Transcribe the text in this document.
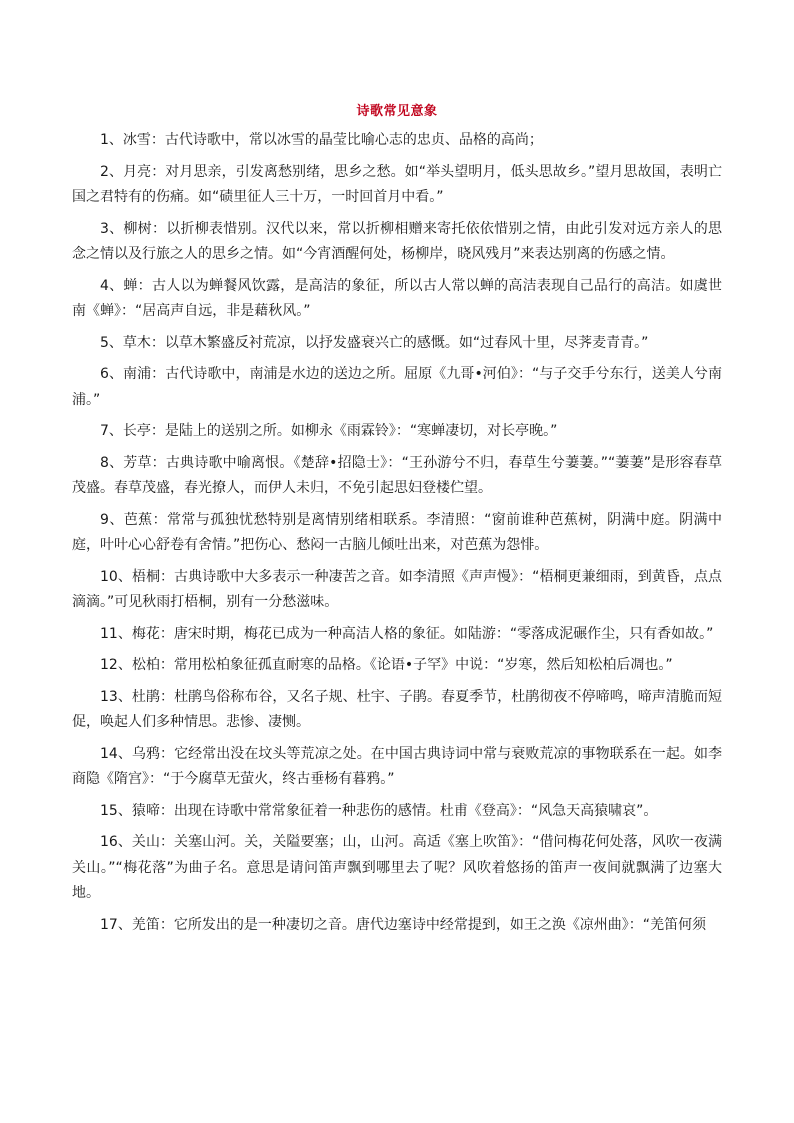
诗歌常见意象

1、冰雪：古代诗歌中，常以冰雪的晶莹比喻心志的忠贞、品格的高尚；

2、月亮：对月思亲，引发离愁别绪，思乡之愁。如“举头望明月，低头思故乡。”望月思故国，表明亡国之君特有的伤痛。如“碛里征人三十万，一时回首月中看。”

3、柳树：以折柳表惜别。汉代以来，常以折柳相赠来寄托依依惜别之情，由此引发对远方亲人的思念之情以及行旅之人的思乡之情。如“今宵酒醒何处，杨柳岸，晓风残月”来表达别离的伤感之情。

4、蝉：古人以为蝉餐风饮露，是高洁的象征，所以古人常以蝉的高洁表现自己品行的高洁。如虞世南《蝉》：“居高声自远，非是藉秋风。”

5、草木：以草木繁盛反衬荒凉，以抒发盛衰兴亡的感慨。如“过春风十里，尽荠麦青青。”

6、南浦：古代诗歌中，南浦是水边的送边之所。屈原《九哥•河伯》：“与子交手兮东行，送美人兮南浦。”

7、长亭：是陆上的送别之所。如柳永《雨霖铃》：“寒蝉凄切，对长亭晚。”

8、芳草：古典诗歌中喻离恨。《楚辞•招隐士》：“王孙游兮不归，春草生兮萋萋。”“萋萋”是形容春草茂盛。春草茂盛，春光撩人，而伊人未归，不免引起思妇登楼伫望。

9、芭蕉：常常与孤独忧愁特别是离情别绪相联系。李清照：“窗前谁种芭蕉树，阴满中庭。阴满中庭，叶叶心心舒卷有舍情。”把伤心、愁闷一古脑儿倾吐出来，对芭蕉为怨悱。

10、梧桐：古典诗歌中大多表示一种凄苦之音。如李清照《声声慢》：“梧桐更兼细雨，到黄昏，点点滴滴。”可见秋雨打梧桐，别有一分愁滋味。

11、梅花：唐宋时期，梅花已成为一种高洁人格的象征。如陆游：“零落成泥碾作尘，只有香如故。”

12、松柏：常用松柏象征孤直耐寒的品格。《论语•子罕》中说：“岁寒，然后知松柏后凋也。”

13、杜鹃：杜鹃鸟俗称布谷，又名子规、杜宇、子鹃。春夏季节，杜鹃彻夜不停啼鸣，啼声清脆而短促，唤起人们多种情思。悲惨、凄恻。

14、乌鸦：它经常出没在坟头等荒凉之处。在中国古典诗词中常与衰败荒凉的事物联系在一起。如李商隐《隋宫》：“于今腐草无萤火，终古垂杨有暮鸦。”

15、猿啼：出现在诗歌中常常象征着一种悲伤的感情。杜甫《登高》：“风急天高猿啸哀”。

16、关山：关塞山河。关，关隘要塞；山，山河。高适《塞上吹笛》：“借问梅花何处落，风吹一夜满关山。”“梅花落”为曲子名。意思是请问笛声飘到哪里去了呢？风吹着悠扬的笛声一夜间就飘满了边塞大地。

17、羌笛：它所发出的是一种凄切之音。唐代边塞诗中经常提到，如王之涣《凉州曲》：“羌笛何须
